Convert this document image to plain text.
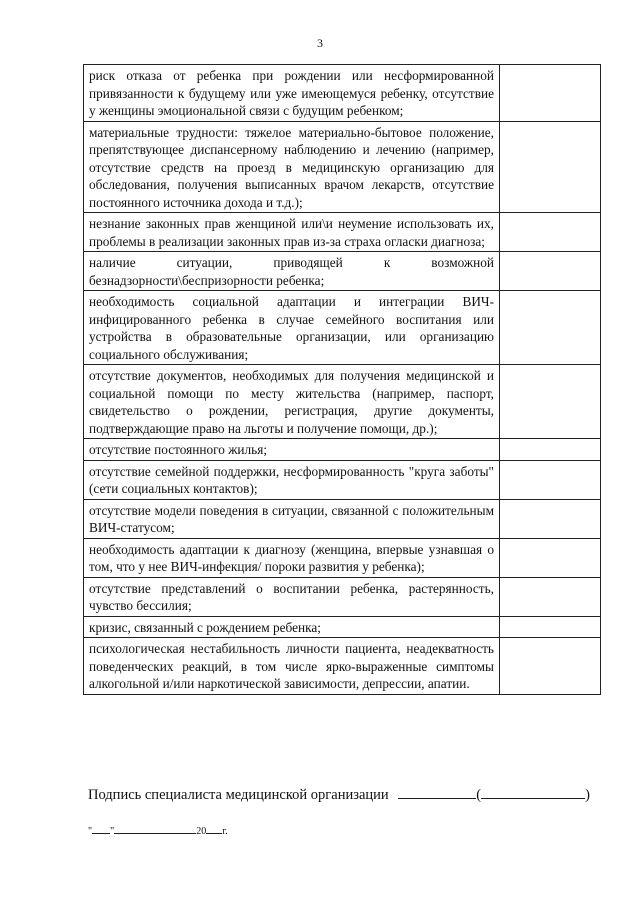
3
риск отказа от ребенка при рождении или несформированной привязанности к будущему или уже имеющемуся ребенку, отсутствие у женщины эмоциональной связи с будущим ребенком;	
материальные трудности: тяжелое материально-бытовое положение, препятствующее диспансерному наблюдению и лечению (например, отсутствие средств на проезд в медицинскую организацию для обследования, получения выписанных врачом лекарств, отсутствие постоянного источника дохода и т.д.);	
незнание законных прав женщиной или\и неумение использовать их, проблемы в реализации законных прав из-за страха огласки диагноза;	
наличие ситуации, приводящей к возможной безнадзорности\беспризорности ребенка;	
необходимость социальной адаптации и интеграции ВИЧ-инфицированного ребенка в случае семейного воспитания или устройства в образовательные организации, или организацию социального обслуживания;	
отсутствие документов, необходимых для получения медицинской и социальной помощи по месту жительства (например, паспорт, свидетельство о рождении, регистрация, другие документы, подтверждающие право на льготы и получение помощи, др.);	
отсутствие постоянного жилья;	
отсутствие семейной поддержки, несформированность "круга заботы" (сети социальных контактов);	
отсутствие модели поведения в ситуации, связанной с положительным ВИЧ-статусом;	
необходимость адаптации к диагнозу (женщина, впервые узнавшая о том, что у нее ВИЧ-инфекция/ пороки развития у ребенка);	
отсутствие представлений о воспитании ребенка, растерянность, чувство бессилия;	
кризис, связанный с рождением ребенка;	
психологическая нестабильность личности пациента, неадекватность поведенческих реакций, в том числе ярко-выраженные симптомы алкогольной и/или наркотической зависимости, депрессии, апатии.	
Подпись специалиста медицинской организации	(	)
" "	20 г.
